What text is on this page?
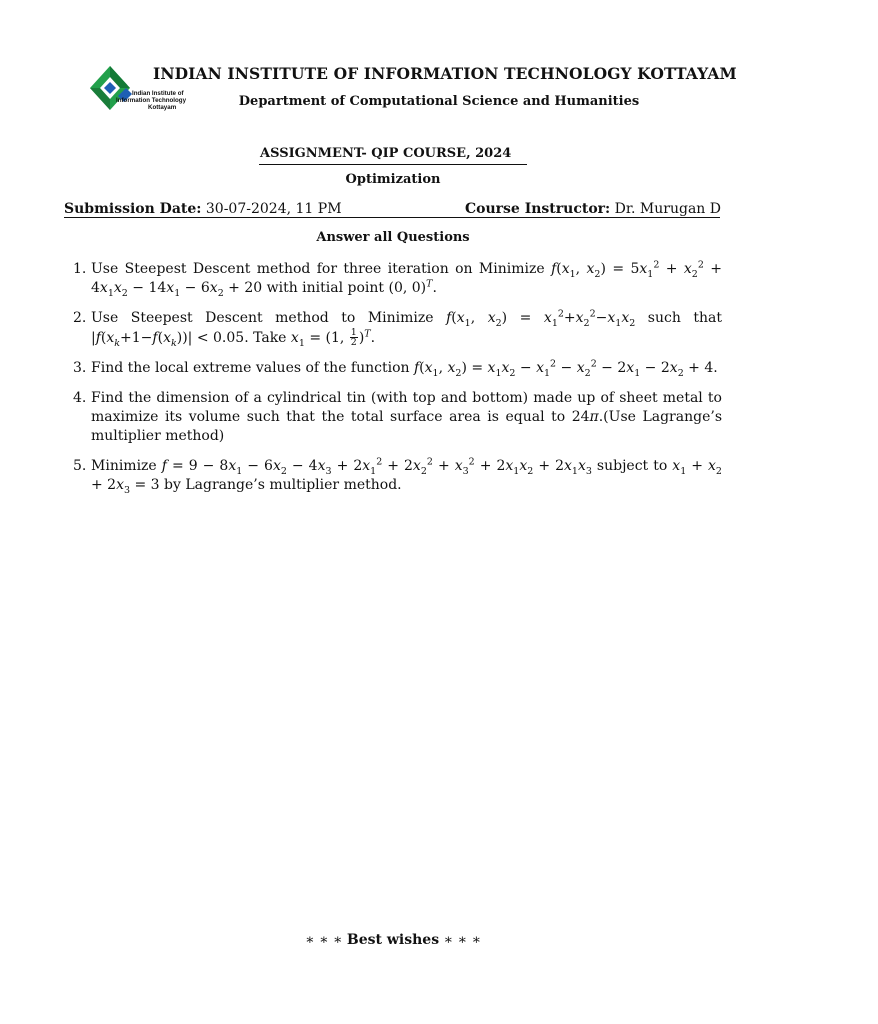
Indian Institute of
Information Technology
Kottayam
INDIAN INSTITUTE OF INFORMATION TECHNOLOGY KOTTAYAM
Department of Computational Science and Humanities
ASSIGNMENT- QIP COURSE, 2024
Optimization
Submission Date: 30-07-2024, 11 PM	Course Instructor: Dr. Murugan D
Answer all Questions
1. Use Steepest Descent method for three iteration on Minimize $f(x_1$, $x_2) = 5x_1^2 + x_2^2 + 4x_1x_2 - 14x_1 - 6x_2 + 20$ with initial point (0, 0)$^T$.
2. Use Steepest Descent method to Minimize $f(x_1$, $x_2) = x_1^2+x_2^2-x_1x_2$ such that $|f(x_k+1-f(x_k))| < 0.05$. Take $x_1 = (1$, $\frac{1}{2} )^T$.
3. Find the local extreme values of the function $f(x_1$, $x_2) = x_1x_2 - x_1^2 - x_2^2 - 2x_1 - 2x_2 + 4$.
4. Find the dimension of a cylindrical tin (with top and bottom) made up of sheet metal to maximize its volume such that the total surface area is equal to 24π.(Use Lagrange’s multiplier method)
5. Minimize $f = 9 - 8x_1 - 6x_2 - 4x_3 + 2x_1^2 + 2x_2^2 + x_3^2 + 2x_1x_2 + 2x_1x_3$ subject to $x_1 + x_2 + 2x_3 = 3$ by Lagrange’s multiplier method.
∗ ∗ ∗ Best wishes ∗ ∗ ∗
